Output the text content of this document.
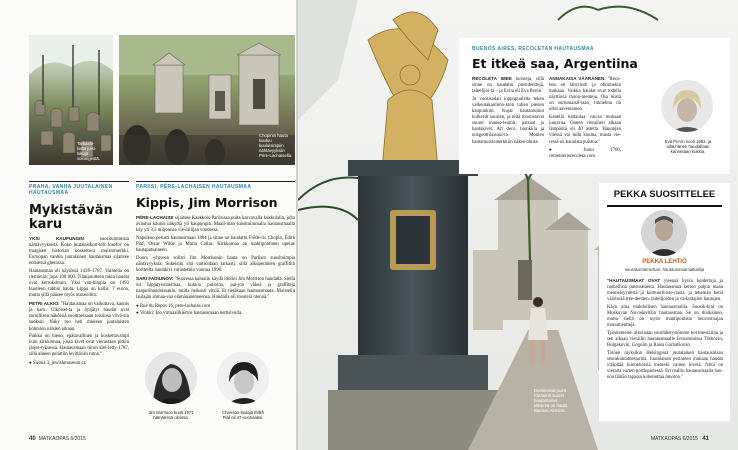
Tarkaste-
lusta joisi-
lukuja
soinnigestä.
Chopinin hauta
kuuluu
kuuluisimpiin
nähtävyyksiin
Père-Lachaisella.
PRAHA, VANHA JUUTALAINEN HAUTAUSMAA
Mykistävän
karu

YKSI KAUPUNGIN suosituimmista nähtävyyksistä. Koko juutalaiskort-teli Josefov on traagisen historian koskettava muistomerkki. Euroopan vanhin juutalainen hautausmaa sijaitsee entisessä ghetossa.

Hautausmaa oli käytössä 1439–1787. Vaihtelia on rientävää: jopa 100 000. Tilanpuutteen takia haudat ovat kerroksittain. Yksi van-himpia on 1493 kuolleen rabbin hauta. Lippu on kallis, 7 euroa, mutta sillä pääsee myös museoihin.

PETRI ALKIO: "Hautausmaa on vaikuttava, kaunis ja karu. Ulkoisel-ta ja hyljätyt haudat ovat suruillisen näköisiä osoittaessaan toisiinsa viivä-sin suoksin. Näky tuo heti mieleen juutalaisten kohtalon natsien aikaan.

Paikka on hieno, epätavallinen ja koskettavampi kuin kirkkomaa, jossa kivet ovat vierastaan pitkin järjes-tyksessä. Hautausmaan tiiron kiel-letty 1787, sillä alueen pelättiin levittävän rutoa."

● Široká 3, jewishmuseum.cz

PARIISI, PÈRE-LACHAISEN HAUTAUSMAA
Kippis, Jim Morrison

PÈRE-LACHAISE sijaitsee Kaakkois-Pariisissa puita kasvavalla kukkulalla, jolta avautuu kaunis näkymä yli kaupungin. Maail-man suosituimmalla hautausmaalla käy yli 3,5 miljoonaa vie-railijaa vuodessa.

Napoleon perusti hautausmaan 1804 ja sinne on haudattu Frédé-ric Chopin, Édith Piaf, Oscar Wilde ja Maria Callas. Kirkkomaa on mahtipontinen upeine hautapatsaineen.

Doors -yhtyeen solisti Jim Morrisonin hauta on Pariisin suosituimpia nähtävyyksiä. Sukeisiin sitä vartioidaan tarkasti, sillä alkuperäinen graffitiin kortteilta hautakivi varastettiin vuonna 1990.

SARI FADIUNOV: "Suoressa haluaiin käydä idolini Jim Morrison haudalla. Siellä oli hippityisnnelmaa, kukkia pulloina, pal-jon väkeä ja graffiteja naapurihaudoissakin, mutta heikosti vitsiä. Et tietäkaan hautausmaata. Muistelin laulajan ahmaa-vaa elämänasenneensa. Haudalla oli roosteia otennä."

● Rue du Repos 16, pere-lachaise.com
● Vinkki: Ioo virtuaalikierros hautausmaan nettisivulla.

Jim Morrison kuoli 1971
hämärissä oloissa.
Chanson-laulaja Édith
Piaf eli 47-vuotiaaksi.
40 MATKAOPAS 6/2015
Dominoivat juurtt
Clementi suuret
hautamaiset
Minerva on hauta
Buenos Airesiss.
BUENOS AIRES, RECOLETAN HAUTAUSMAA
Et itkeä saa, Argentiina

RECOLETA IMEE turisteja, sillä sinne on haudattu presidenttejä, taiteilijoi-ta – ja Evita eli Eva Perón.

Jo vuosisadan loppupuolelta teken valkeutakaimmo-kuin tullen pienen kaupunkiin. Kujat hautamuinut kulkevat suurien, ja niitä mounstavat suuret mauso-leumit, patsaat ja hautakivet. Art deco, barokkia ja uusgoottilaisuut-ta. Monien hautamuistomerkkiin näkee ohitse.

ANNAKAISA VÄÄRÄNEN: "Reco-leta on labyrintti ja olimmekin mukaan. Vaikka haudat ovat todella näyttäviä monu-menteja. Osa niistä on sortumaisil-laan, tunnelma on ollut aavemainen.

Kenellä kattautaa vaicsa mukaan juotavaa. Onnen vieraiheri aikaan lämpöötä oli 40 astetta. Haunnjen vilessä voi tulla kuuma, musta vie-ressä on kaunista puistoa."

●	Junin 1760, cementeriorecoleta.com

Eva Perón kuoli 1952, ja
siltä hänen haudallaan
kannetaan kukkia.
PEKKA SUOSITTELEE
PEKKA LEHTIÖ
seurakuntamestari, hautausmaamatkailija

"HAUTAUSMAAT OVAT yleensä hyvin hoidettuja ja rauhallisia puistoalueita. Hautausmaa kertoo paljon maan menneisyydestä ja kulttuurihisto-riasta, ja tekemän hetiä väärissää tree-dentien, taiteiljoiden ja vaikuttajien hautojen.

Käyn aina mahdollisen hautausmailla. Suosik-kini on Moskovan Novodevitšin hautausmaa. Se on ikaikainen, mutta siellä on myös mantipontisia neuvostoajan monumenttejä.

Työskentelen aikoinaan suurlähetystömme hovimestarina ja sen aikaan vierailin hautausmaalle Ievnatoinissa Tšehovin, Bulgakovin, Gogolin ja Raisa Gorbatšovan.

Toinen niyksikin Helsingissä juutalainen hautausmaan seurakuntamestarina. Juutalaisen perinteen mukaan haudat ylläpitää kiinneliöisiä menteki vainen kivelä. Niitä on vieraita varten portinpielessä. Eri mallin hautausmaalla hau-noa täinän tapassa kokenottaa muotoa."

MATKAOPAS 6/2015 41
